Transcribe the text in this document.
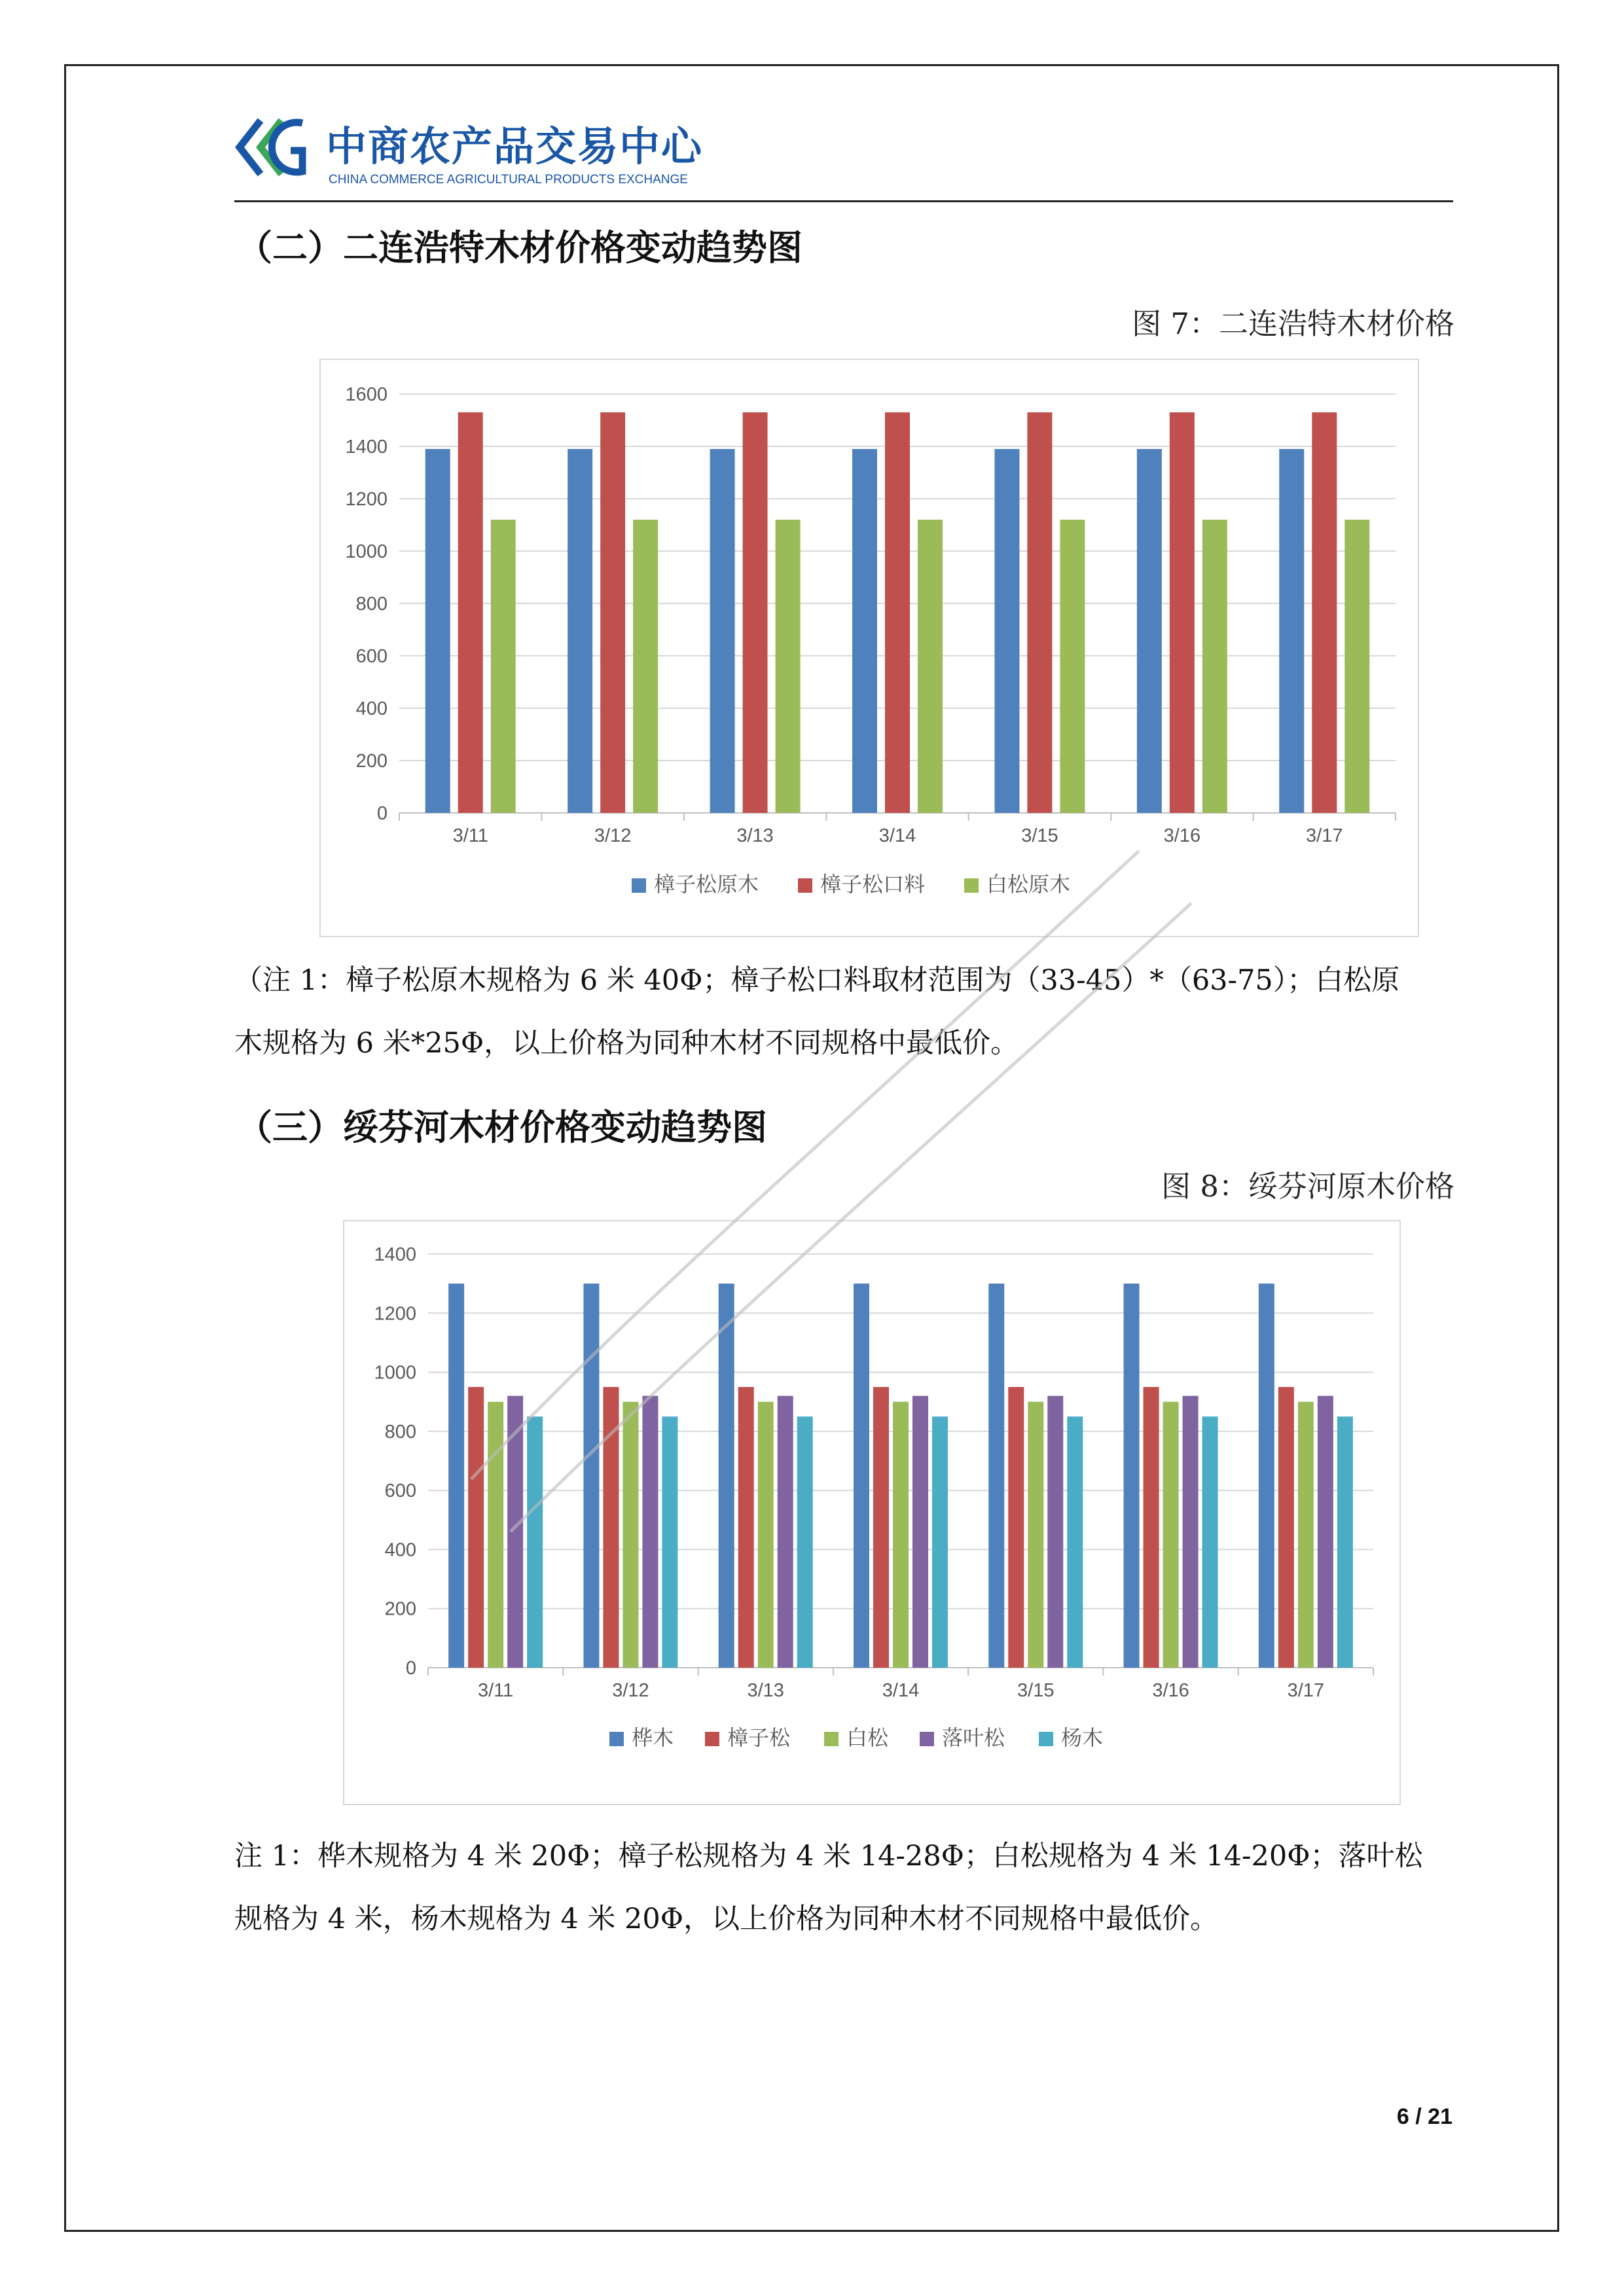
中商农产品交易中心
CHINA COMMERCE AGRICULTURAL PRODUCTS EXCHANGE
（二）二连浩特木材价格变动趋势图
图 7：二连浩特木材价格
0
200
400
600
800
1000
1200
1400
1600
3/11	3/12	3/13	3/14	3/15	3/16	3/17
樟子松原木	樟子松口料	白松原木

（注 1：樟子松原木规格为 6 米 40Φ；樟子松口料取材范围为（33-45）*（63-75）；白松原

木规格为 6 米*25Φ，以上价格为同种木材不同规格中最低价。

（三）绥芬河木材价格变动趋势图
图 8：绥芬河原木价格
0
200
400
600
800
1000
1200
1400
3/11	3/12	3/13	3/14	3/15	3/16	3/17
桦木	樟子松	白松	落叶松	杨木

注 1：桦木规格为 4 米 20Φ；樟子松规格为 4 米 14-28Φ；白松规格为 4 米 14-20Φ；落叶松

规格为 4 米，杨木规格为 4 米 20Φ，以上价格为同种木材不同规格中最低价。

6 / 21
